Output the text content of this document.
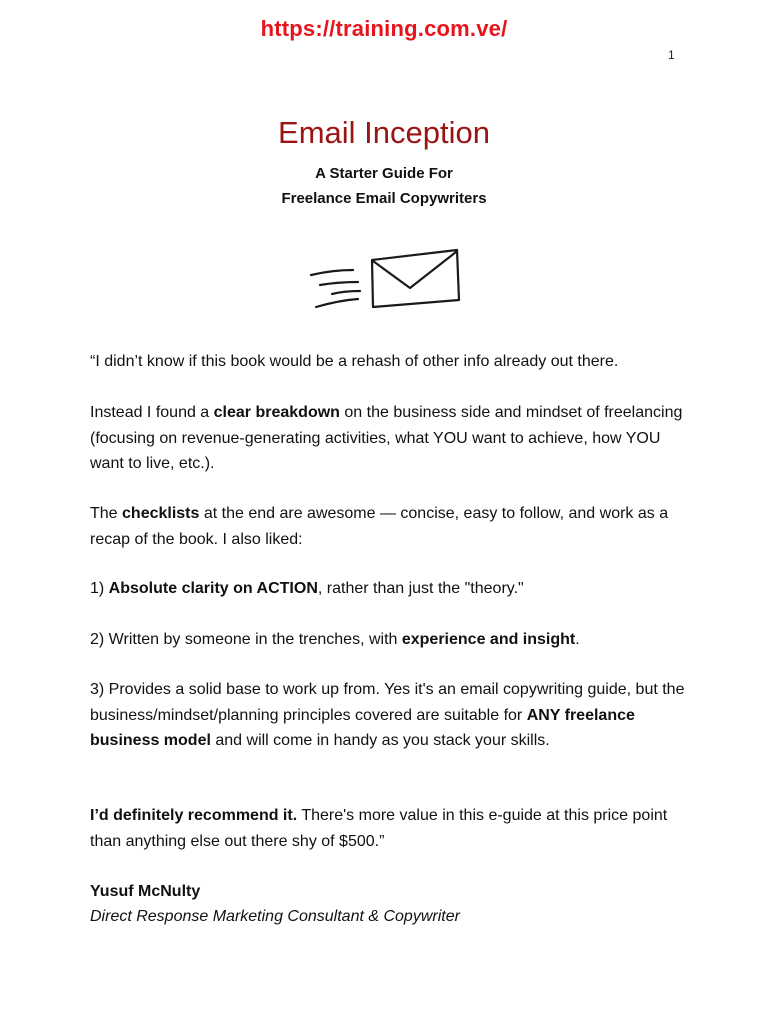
https://training.com.ve/
1
Email Inception
A Starter Guide For
Freelance Email Copywriters
“I didn’t know if this book would be a rehash of other info already out there.
Instead I found a clear breakdown on the business side and mindset of freelancing (focusing on revenue-generating activities, what YOU want to achieve, how YOU want to live, etc.).
The checklists at the end are awesome — concise, easy to follow, and work as a recap of the book. I also liked:
1) Absolute clarity on ACTION, rather than just the "theory."
2) Written by someone in the trenches, with experience and insight.
3) Provides a solid base to work up from. Yes it's an email copywriting guide, but the business/mindset/planning principles covered are suitable for ANY freelance business model and will come in handy as you stack your skills.
I’d definitely recommend it. There's more value in this e-guide at this price point than anything else out there shy of $500.”
Yusuf McNulty
Direct Response Marketing Consultant & Copywriter
